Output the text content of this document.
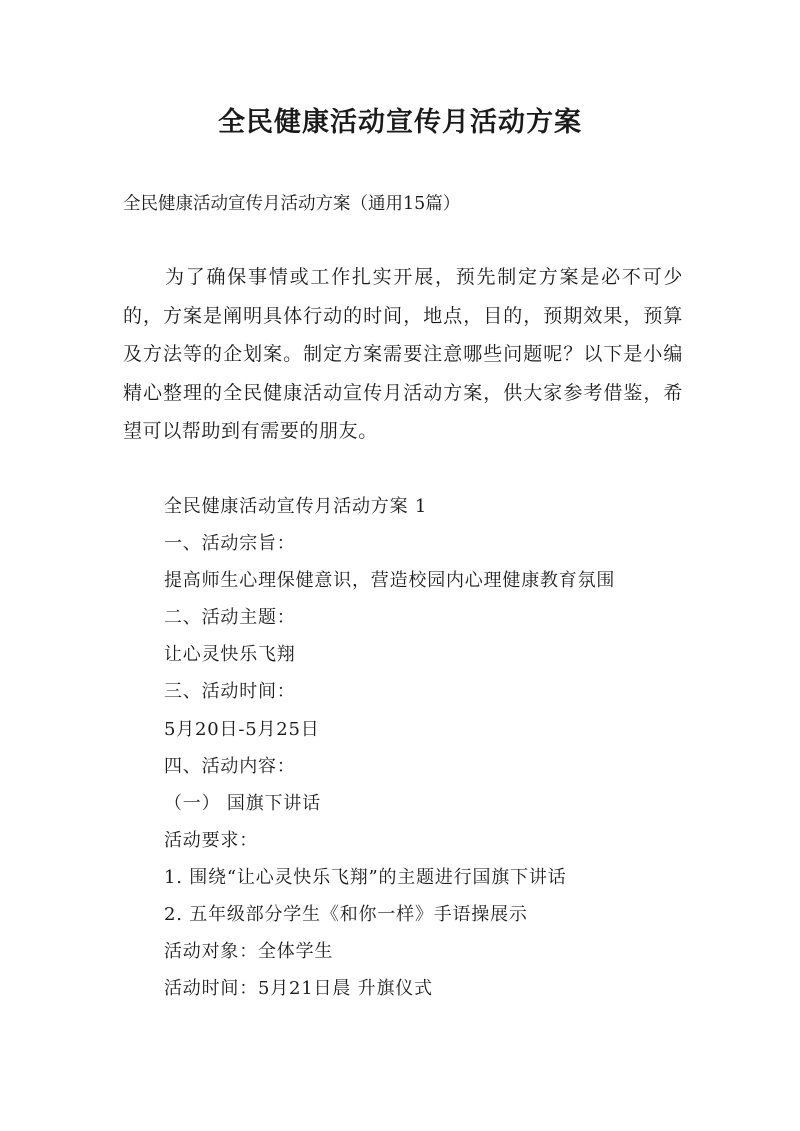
全民健康活动宣传月活动方案

全民健康活动宣传月活动方案（通用15篇）

为了确保事情或工作扎实开展，预先制定方案是必不可少的，方案是阐明具体行动的时间，地点，目的，预期效果，预算及方法等的企划案。制定方案需要注意哪些问题呢？以下是小编精心整理的全民健康活动宣传月活动方案，供大家参考借鉴，希望可以帮助到有需要的朋友。

全民健康活动宣传月活动方案 1
一、活动宗旨：
提高师生心理保健意识，营造校园内心理健康教育氛围
二、活动主题：
让心灵快乐飞翔
三、活动时间：
5月20日-5月25日
四、活动内容：
（一） 国旗下讲话
活动要求：
1. 围绕“让心灵快乐飞翔”的主题进行国旗下讲话
2. 五年级部分学生《和你一样》手语操展示
活动对象：全体学生
活动时间：5月21日晨 升旗仪式
